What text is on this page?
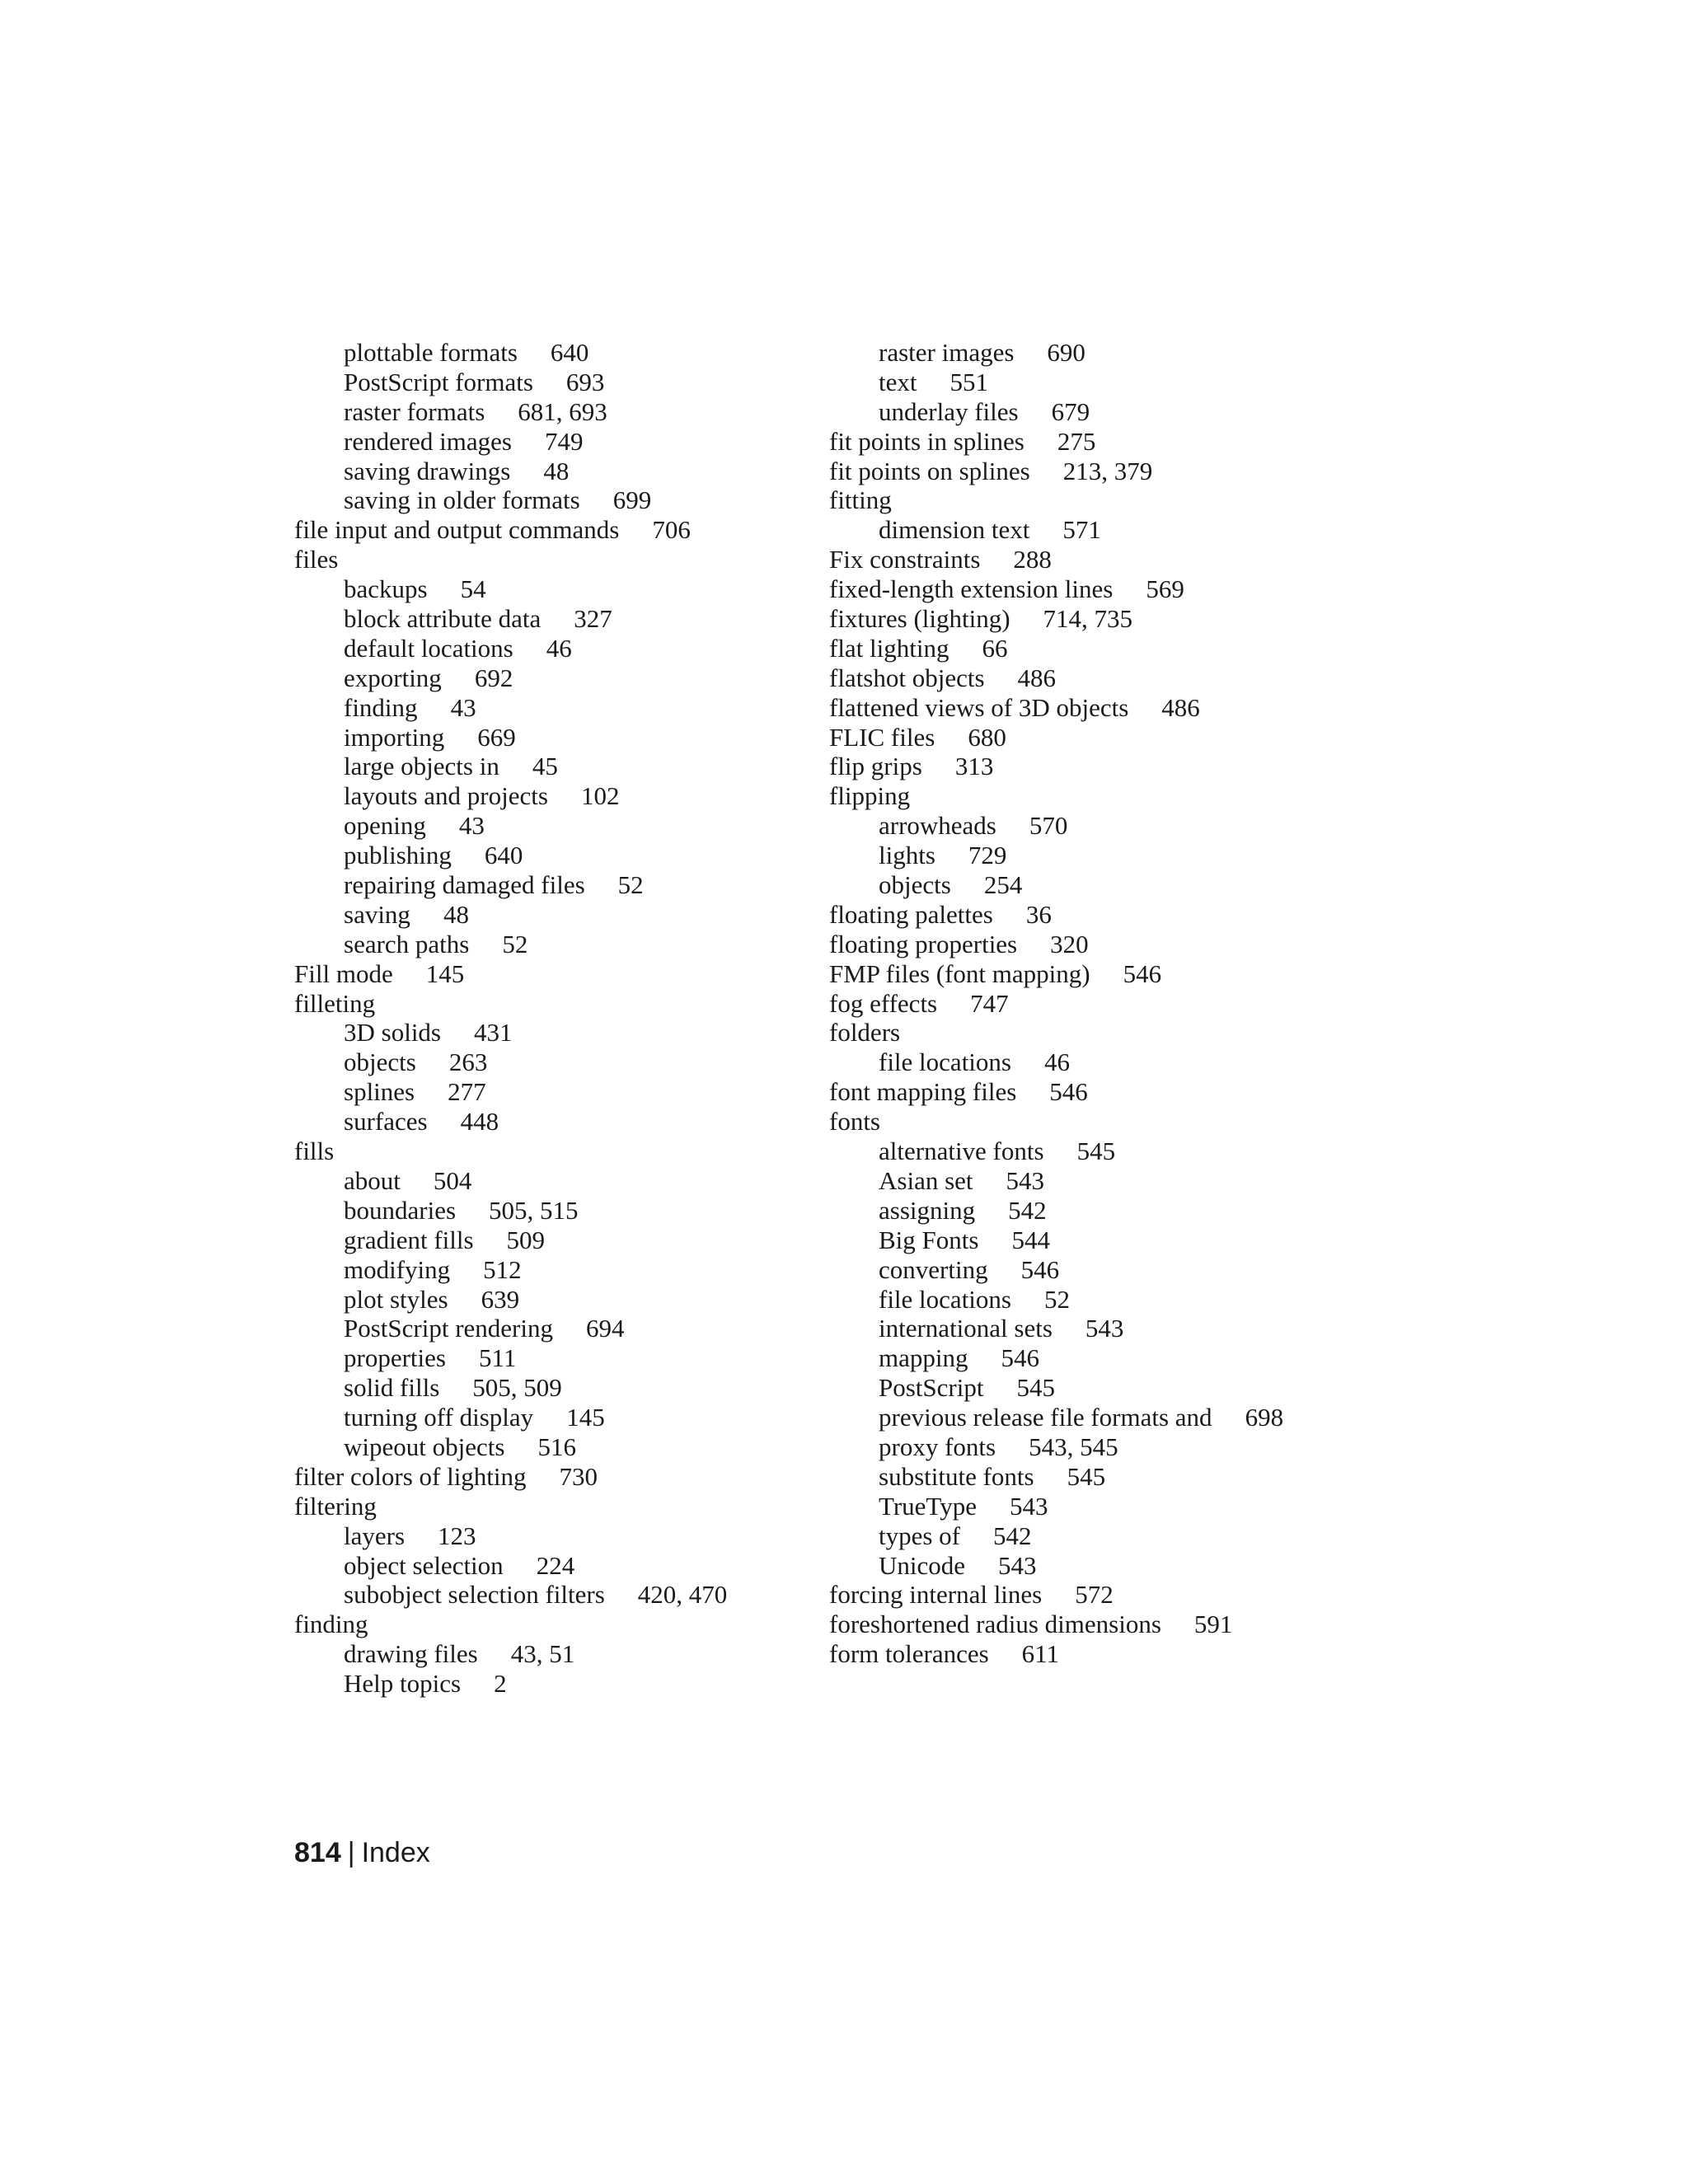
plottable formats 640
PostScript formats 693
raster formats 681, 693
rendered images 749
saving drawings 48
saving in older formats 699
file input and output commands 706
files
backups 54
block attribute data 327
default locations 46
exporting 692
finding 43
importing 669
large objects in 45
layouts and projects 102
opening 43
publishing 640
repairing damaged files 52
saving 48
search paths 52
Fill mode 145
filleting
3D solids 431
objects 263
splines 277
surfaces 448
fills
about 504
boundaries 505, 515
gradient fills 509
modifying 512
plot styles 639
PostScript rendering 694
properties 511
solid fills 505, 509
turning off display 145
wipeout objects 516
filter colors of lighting 730
filtering
layers 123
object selection 224
subobject selection filters 420, 470
finding
drawing files 43, 51
Help topics 2
raster images 690
text 551
underlay files 679
fit points in splines 275
fit points on splines 213, 379
fitting
dimension text 571
Fix constraints 288
fixed-length extension lines 569
fixtures (lighting) 714, 735
flat lighting 66
flatshot objects 486
flattened views of 3D objects 486
FLIC files 680
flip grips 313
flipping
arrowheads 570
lights 729
objects 254
floating palettes 36
floating properties 320
FMP files (font mapping) 546
fog effects 747
folders
file locations 46
font mapping files 546
fonts
alternative fonts 545
Asian set 543
assigning 542
Big Fonts 544
converting 546
file locations 52
international sets 543
mapping 546
PostScript 545
previous release file formats and 698
proxy fonts 543, 545
substitute fonts 545
TrueType 543
types of 542
Unicode 543
forcing internal lines 572
foreshortened radius dimensions 591
form tolerances 611
814 | Index
